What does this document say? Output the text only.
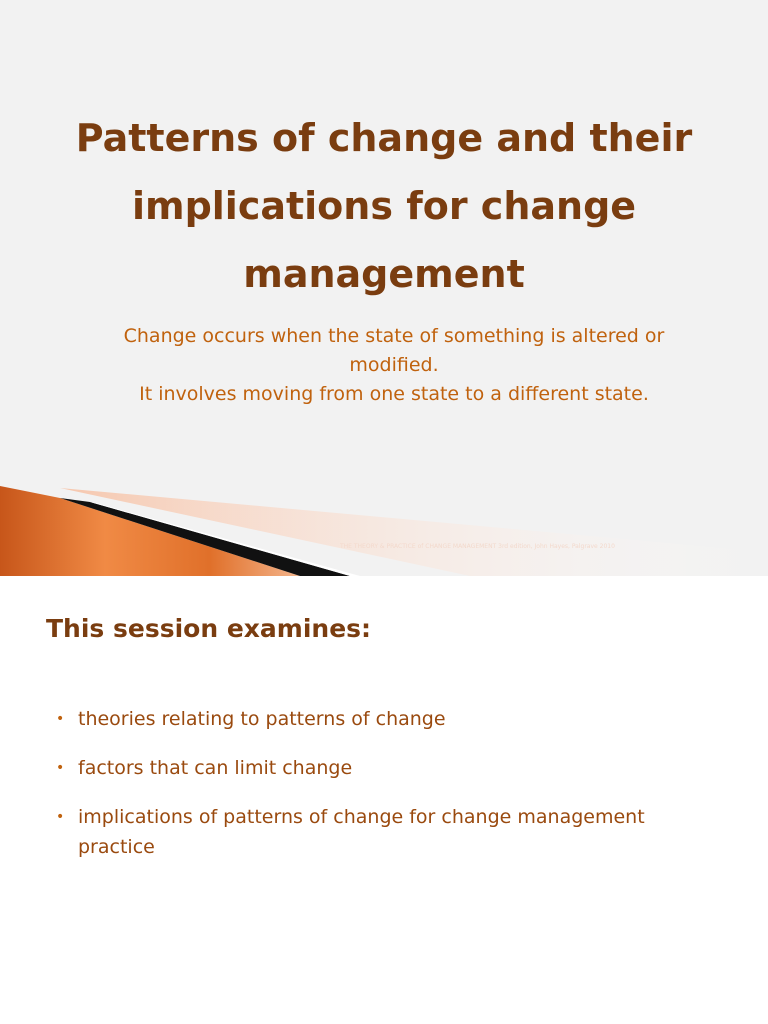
Patterns of change and their
implications for change
management

Change occurs when the state of something is altered or

modified.

It involves moving from one state to a different state.

THE THEORY & PRACTICE of CHANGE MANAGEMENT 3rd edition, John Hayes, Palgrave 2010
This session examines:
• theories relating to patterns of change
• factors that can limit change
• implications of patterns of change for change management practice
